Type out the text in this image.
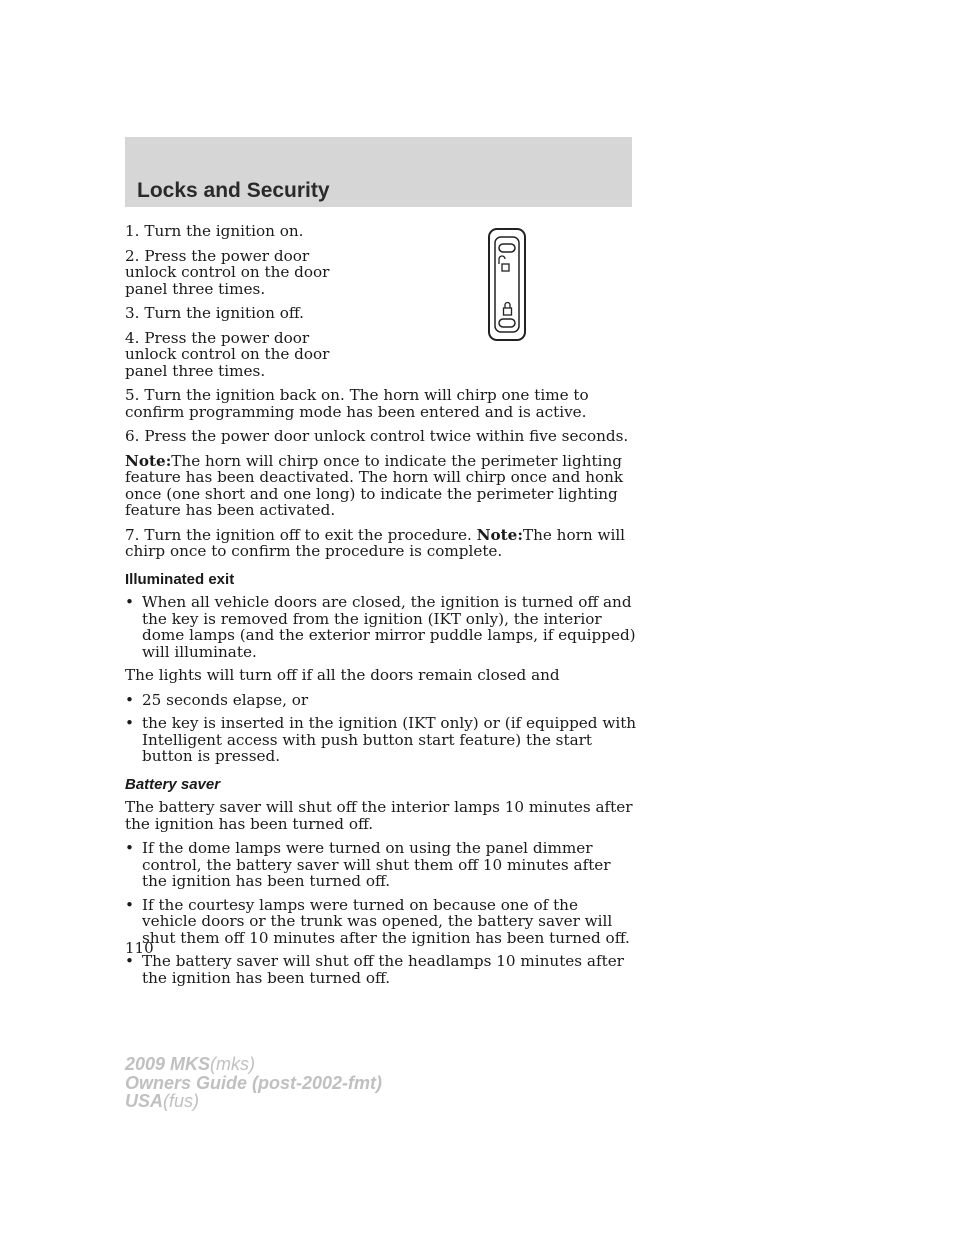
Locks and Security

1. Turn the ignition on.

2. Press the power door unlock control on the door panel three times.

3. Turn the ignition off.

4. Press the power door unlock control on the door panel three times.

5. Turn the ignition back on. The horn will chirp one time to confirm programming mode has been entered and is active.

6. Press the power door unlock control twice within five seconds.

Note:The horn will chirp once to indicate the perimeter lighting feature has been deactivated. The horn will chirp once and honk once (one short and one long) to indicate the perimeter lighting feature has been activated.

7. Turn the ignition off to exit the procedure. Note:The horn will chirp once to confirm the procedure is complete.

Illuminated exit
• When all vehicle doors are closed, the ignition is turned off and the key is removed from the ignition (IKT only), the interior dome lamps (and the exterior mirror puddle lamps, if equipped) will illuminate.

The lights will turn off if all the doors remain closed and

• 25 seconds elapse, or
• the key is inserted in the ignition (IKT only) or (if equipped with Intelligent access with push button start feature) the start button is pressed.
Battery saver

The battery saver will shut off the interior lamps 10 minutes after the ignition has been turned off.

• If the dome lamps were turned on using the panel dimmer control, the battery saver will shut them off 10 minutes after the ignition has been turned off.
• If the courtesy lamps were turned on because one of the vehicle doors or the trunk was opened, the battery saver will shut them off 10 minutes after the ignition has been turned off.
• The battery saver will shut off the headlamps 10 minutes after the ignition has been turned off.
110
2009 MKS(mks)
Owners Guide (post-2002-fmt)
USA(fus)
